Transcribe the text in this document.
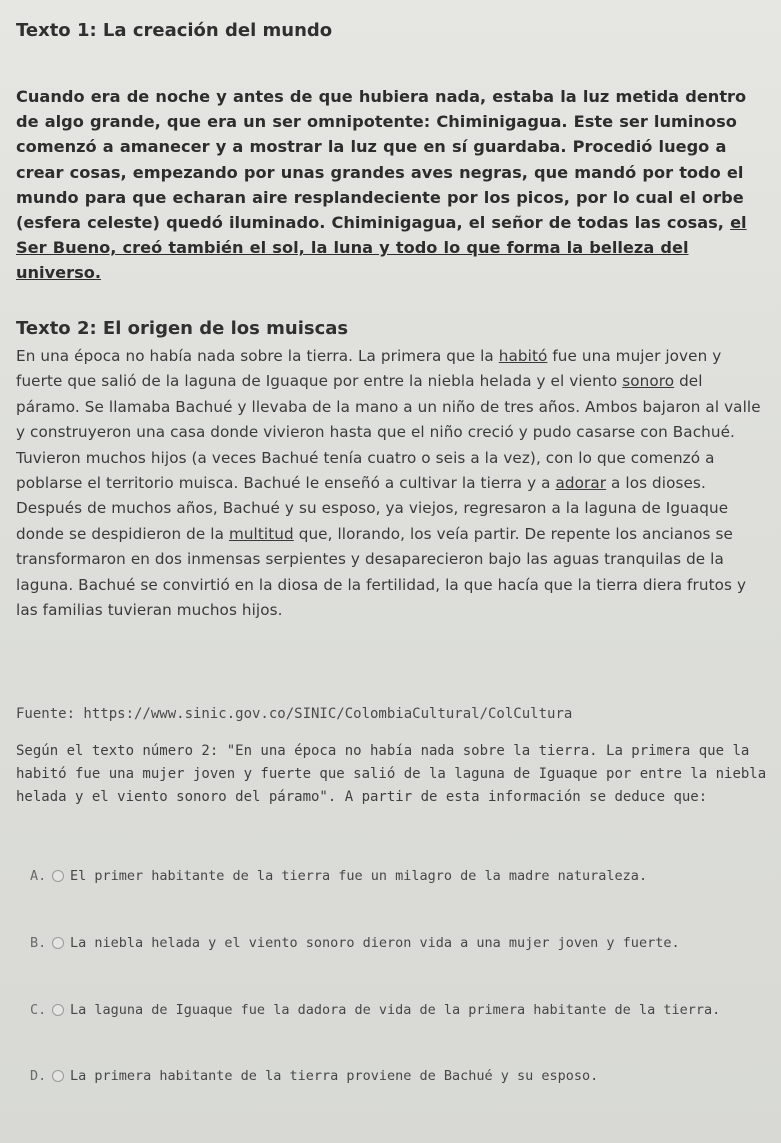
Texto 1: La creación del mundo
Cuando era de noche y antes de que hubiera nada, estaba la luz metida dentro de algo grande, que era un ser omnipotente: Chiminigagua. Este ser luminoso comenzó a amanecer y a mostrar la luz que en sí guardaba. Procedió luego a crear cosas, empezando por unas grandes aves negras, que mandó por todo el mundo para que echaran aire resplandeciente por los picos, por lo cual el orbe (esfera celeste) quedó iluminado. Chiminigagua, el señor de todas las cosas, el Ser Bueno, creó también el sol, la luna y todo lo que forma la belleza del universo.
Texto 2: El origen de los muiscas
En una época no había nada sobre la tierra. La primera que la habitó fue una mujer joven y fuerte que salió de la laguna de Iguaque por entre la niebla helada y el viento sonoro del páramo. Se llamaba Bachué y llevaba de la mano a un niño de tres años. Ambos bajaron al valle y construyeron una casa donde vivieron hasta que el niño creció y pudo casarse con Bachué. Tuvieron muchos hijos (a veces Bachué tenía cuatro o seis a la vez), con lo que comenzó a poblarse el territorio muisca. Bachué le enseñó a cultivar la tierra y a adorar a los dioses. Después de muchos años, Bachué y su esposo, ya viejos, regresaron a la laguna de Iguaque donde se despidieron de la multitud que, llorando, los veía partir. De repente los ancianos se transformaron en dos inmensas serpientes y desaparecieron bajo las aguas tranquilas de la laguna. Bachué se convirtió en la diosa de la fertilidad, la que hacía que la tierra diera frutos y las familias tuvieran muchos hijos.
Fuente: https://www.sinic.gov.co/SINIC/ColombiaCultural/ColCultura
Según el texto número 2: "En una época no había nada sobre la tierra. La primera que la habitó fue una mujer joven y fuerte que salió de la laguna de Iguaque por entre la niebla helada y el viento sonoro del páramo". A partir de esta información se deduce que:
A. El primer habitante de la tierra fue un milagro de la madre naturaleza.
B. La niebla helada y el viento sonoro dieron vida a una mujer joven y fuerte.
C. La laguna de Iguaque fue la dadora de vida de la primera habitante de la tierra.
D. La primera habitante de la tierra proviene de Bachué y su esposo.
